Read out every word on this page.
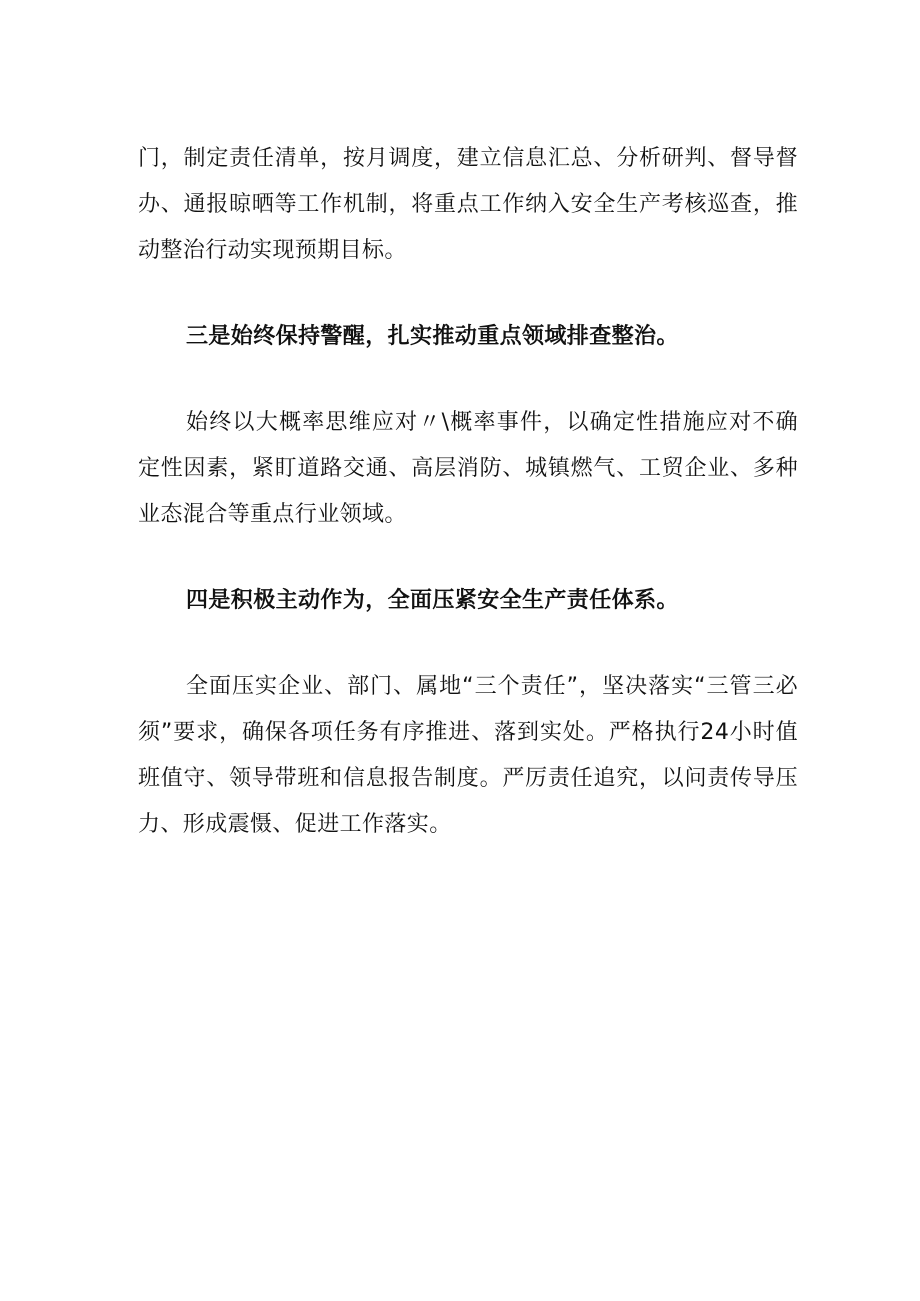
门，制定责任清单，按月调度，建立信息汇总、分析研判、督导督办、通报晾晒等工作机制，将重点工作纳入安全生产考核巡查，推动整治行动实现预期目标。

三是始终保持警醒，扎实推动重点领域排查整治。

始终以大概率思维应对〃\概率事件，以确定性措施应对不确定性因素，紧盯道路交通、高层消防、城镇燃气、工贸企业、多种业态混合等重点行业领域。

四是积极主动作为，全面压紧安全生产责任体系。

全面压实企业、部门、属地“三个责任”，坚决落实“三管三必须”要求，确保各项任务有序推进、落到实处。严格执行24小时值班值守、领导带班和信息报告制度。严厉责任追究，以问责传导压力、形成震慑、促进工作落实。
